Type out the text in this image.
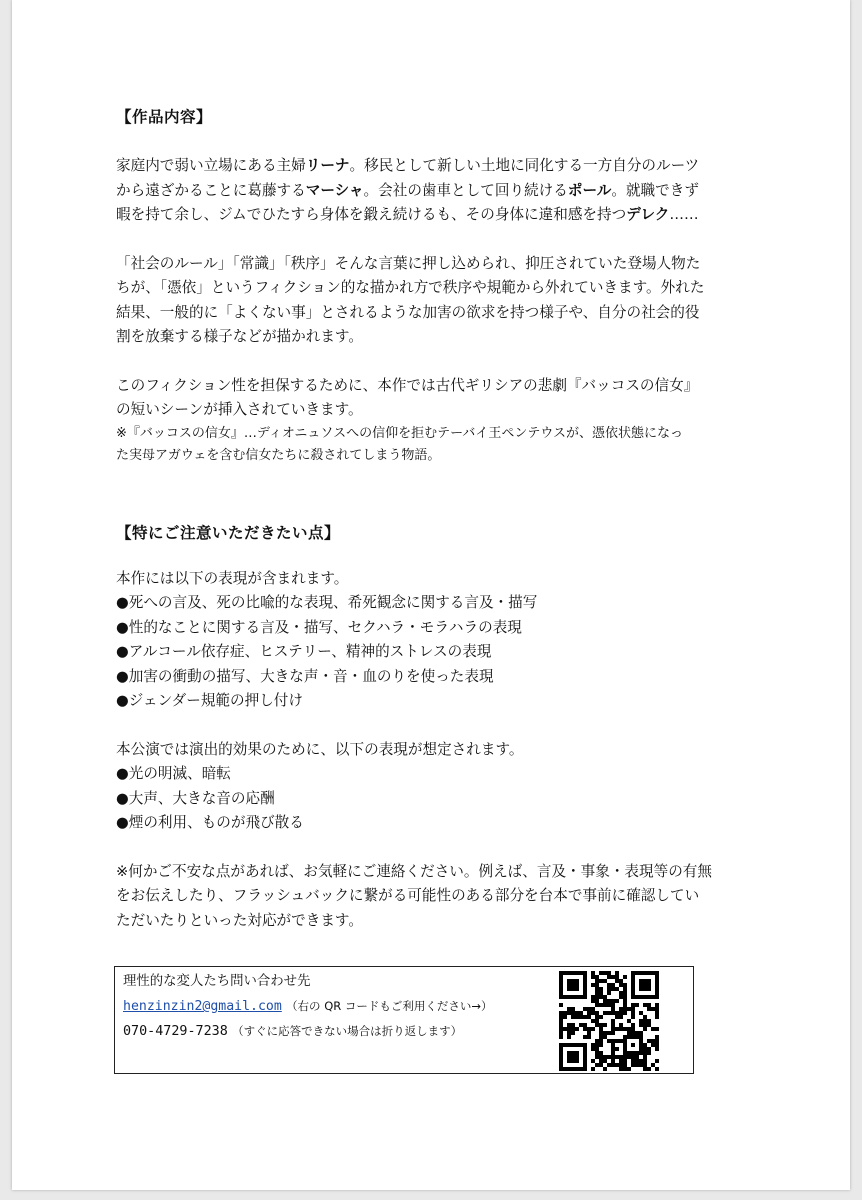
【作品内容】

家庭内で弱い立場にある主婦リーナ。移民として新しい土地に同化する一方自分のルーツ

から遠ざかることに葛藤するマーシャ。会社の歯車として回り続けるポール。就職できず

暇を持て余し、ジムでひたすら身体を鍛え続けるも、その身体に違和感を持つデレク……

「社会のルール」「常識」「秩序」そんな言葉に押し込められ、抑圧されていた登場人物た

ちが、「憑依」というフィクション的な描かれ方で秩序や規範から外れていきます。外れた

結果、一般的に「よくない事」とされるような加害の欲求を持つ様子や、自分の社会的役

割を放棄する様子などが描かれます。

このフィクション性を担保するために、本作では古代ギリシアの悲劇『バッコスの信女』

の短いシーンが挿入されていきます。

※『バッコスの信女』…ディオニュソスへの信仰を拒むテーバイ王ペンテウスが、憑依状態になっ

た実母アガウェを含む信女たちに殺されてしまう物語。

【特にご注意いただきたい点】

本作には以下の表現が含まれます。

●死への言及、死の比喩的な表現、希死観念に関する言及・描写

●性的なことに関する言及・描写、セクハラ・モラハラの表現

●アルコール依存症、ヒステリー、精神的ストレスの表現

●加害の衝動の描写、大きな声・音・血のりを使った表現

●ジェンダー規範の押し付け

本公演では演出的効果のために、以下の表現が想定されます。

●光の明滅、暗転

●大声、大きな音の応酬

●煙の利用、ものが飛び散る

※何かご不安な点があれば、お気軽にご連絡ください。例えば、言及・事象・表現等の有無

をお伝えしたり、フラッシュバックに繋がる可能性のある部分を台本で事前に確認してい

ただいたりといった対応ができます。

理性的な変人たち問い合わせ先
henzinzin2@gmail.com （右の QR コードもご利用ください→）
070-4729-7238 （すぐに応答できない場合は折り返します）
